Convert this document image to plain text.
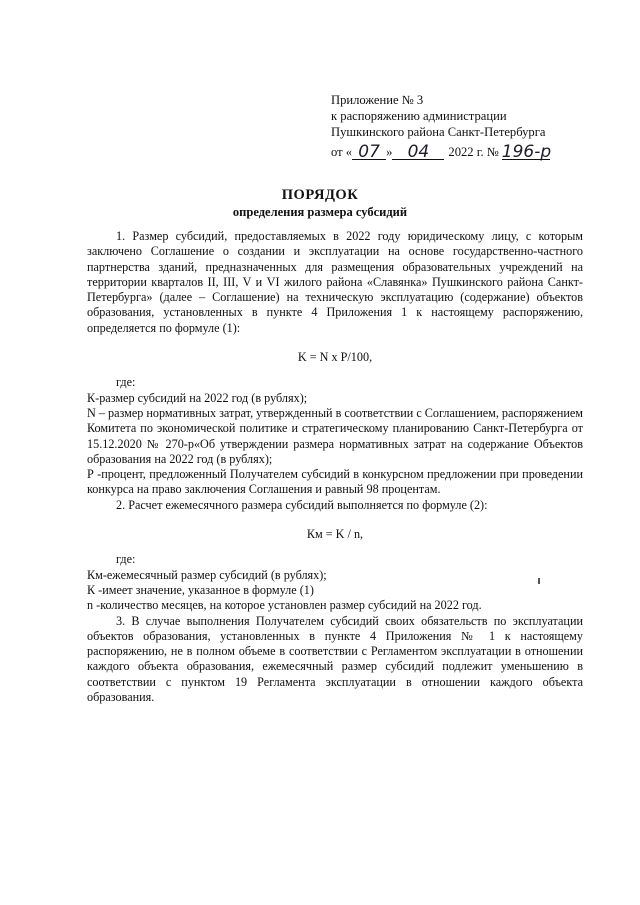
Приложение № 3
к распоряжению администрации
Пушкинского района Санкт-Петербурга
от « 07 » 04	2022 г. № 196-р
ПОРЯДОК
определения размера субсидий

1. Размер субсидий, предоставляемых в 2022 году юридическому лицу, с которым заключено Соглашение о создании и эксплуатации на основе государственно-частного партнерства зданий, предназначенных для размещения образовательных учреждений на территории кварталов II, III, V и VI жилого района «Славянка» Пушкинского района Санкт-Петербурга» (далее – Соглашение) на техническую эксплуатацию (содержание) объектов образования, установленных в пункте 4 Приложения 1 к настоящему распоряжению, определяется по формуле (1):

K = N x P/100,

где:

К-размер субсидий на 2022 год (в рублях);

N – размер нормативных затрат, утвержденный в соответствии с Соглашением, распоряжением Комитета по экономической политике и стратегическому планированию Санкт-Петербурга от 15.12.2020 № 270-р«Об утверждении размера нормативных затрат на содержание Объектов образования на 2022 год (в рублях);

Р -процент, предложенный Получателем субсидий в конкурсном предложении при проведении конкурса на право заключения Соглашения и равный 98 процентам.

2. Расчет ежемесячного размера субсидий выполняется по формуле (2):

Км = K / n,

где:

Км-ежемесячный размер субсидий (в рублях);

К -имеет значение, указанное в формуле (1)

n -количество месяцев, на которое установлен размер субсидий на 2022 год.

3. В случае выполнения Получателем субсидий своих обязательств по эксплуатации объектов образования, установленных в пункте 4 Приложения № 1 к настоящему распоряжению, не в полном объеме в соответствии с Регламентом эксплуатации в отношении каждого объекта образования, ежемесячный размер субсидий подлежит уменьшению в соответствии с пунктом 19 Регламента эксплуатации в отношении каждого объекта образования.
